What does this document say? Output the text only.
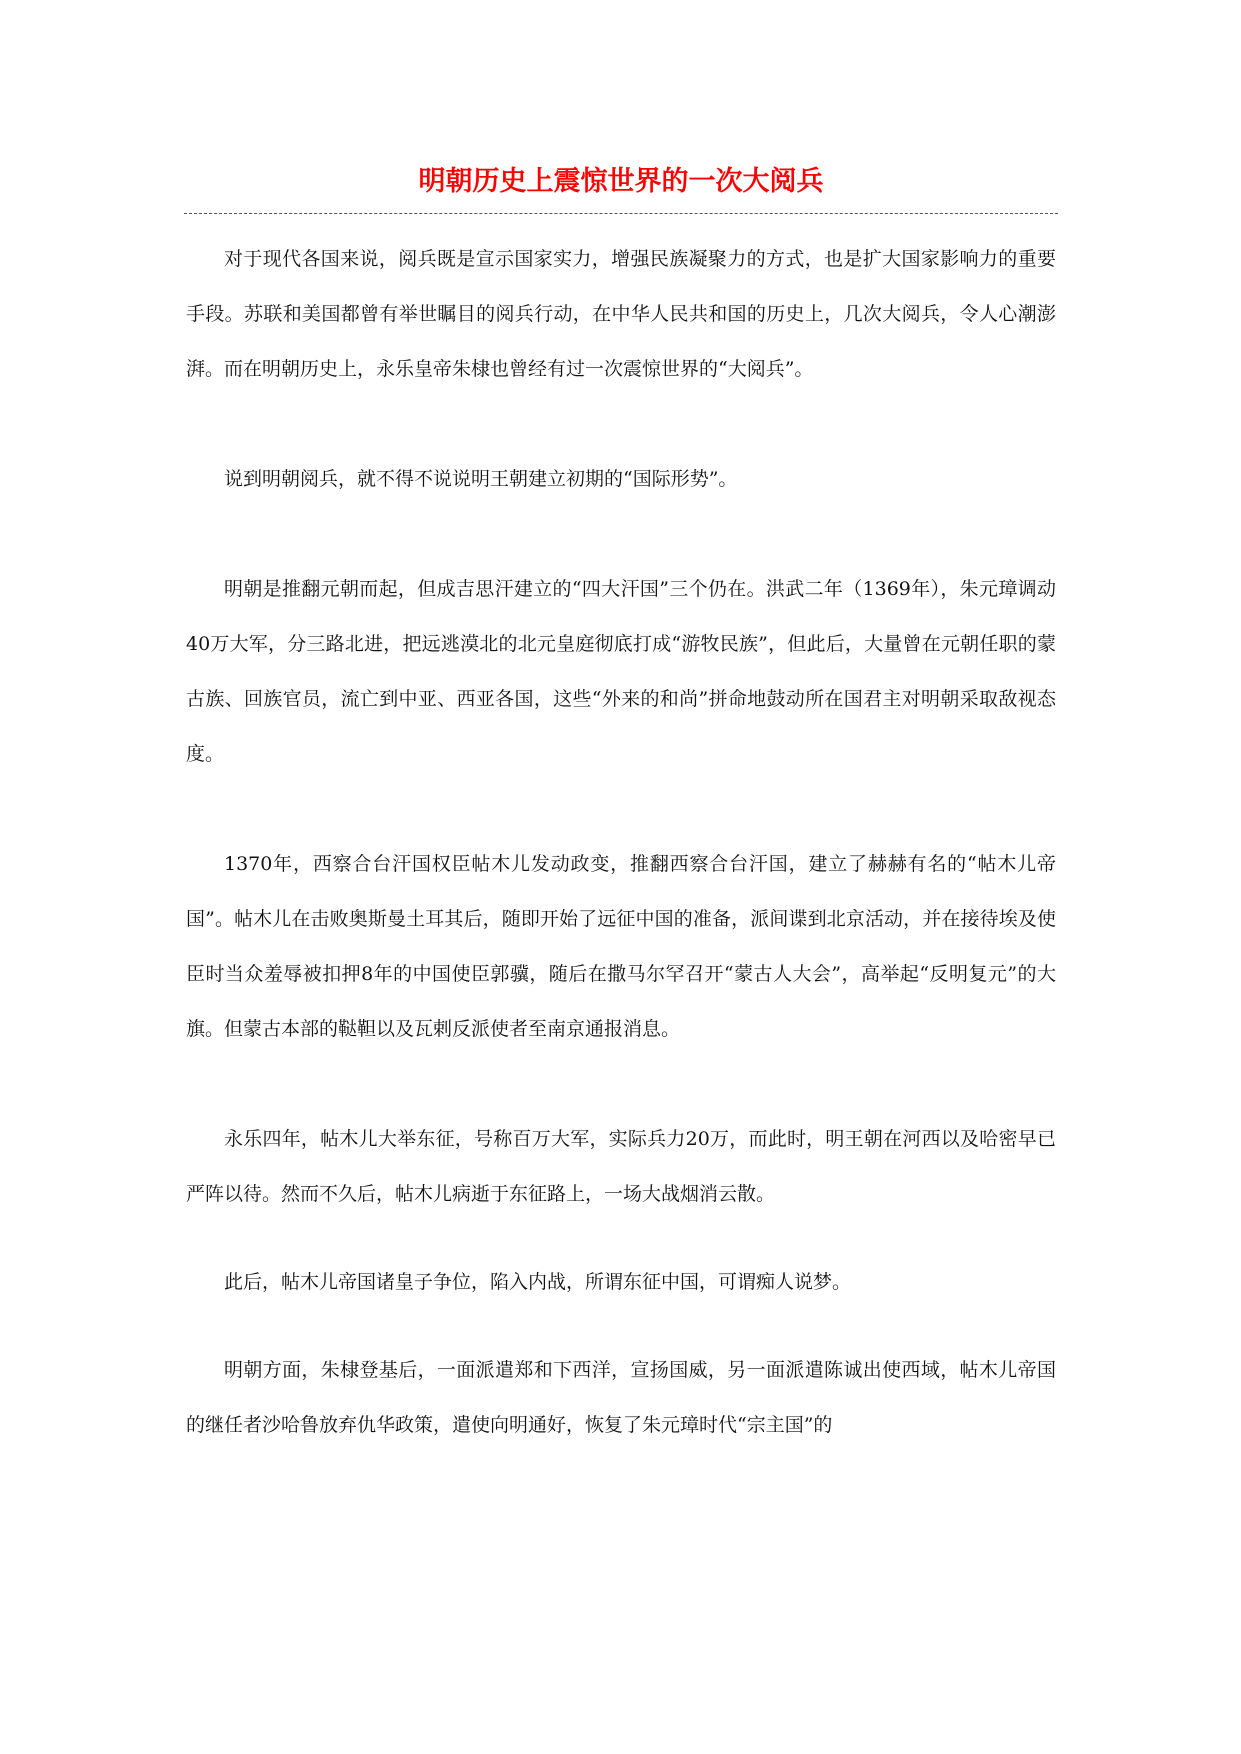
明朝历史上震惊世界的一次大阅兵

对于现代各国来说，阅兵既是宣示国家实力，增强民族凝聚力的方式，也是扩大国家影响力的重要手段。苏联和美国都曾有举世瞩目的阅兵行动，在中华人民共和国的历史上，几次大阅兵，令人心潮澎湃。而在明朝历史上，永乐皇帝朱棣也曾经有过一次震惊世界的“大阅兵”。

说到明朝阅兵，就不得不说说明王朝建立初期的“国际形势”。

明朝是推翻元朝而起，但成吉思汗建立的“四大汗国”三个仍在。洪武二年（1369年），朱元璋调动40万大军，分三路北进，把远逃漠北的北元皇庭彻底打成“游牧民族”，但此后，大量曾在元朝任职的蒙古族、回族官员，流亡到中亚、西亚各国，这些“外来的和尚”拼命地鼓动所在国君主对明朝采取敌视态度。

1370年，西察合台汗国权臣帖木儿发动政变，推翻西察合台汗国，建立了赫赫有名的“帖木儿帝国”。帖木儿在击败奥斯曼土耳其后，随即开始了远征中国的准备，派间谍到北京活动，并在接待埃及使臣时当众羞辱被扣押8年的中国使臣郭骥，随后在撒马尔罕召开“蒙古人大会”，高举起“反明复元”的大旗。但蒙古本部的鞑靼以及瓦剌反派使者至南京通报消息。

永乐四年，帖木儿大举东征，号称百万大军，实际兵力20万，而此时，明王朝在河西以及哈密早已严阵以待。然而不久后，帖木儿病逝于东征路上，一场大战烟消云散。

此后，帖木儿帝国诸皇子争位，陷入内战，所谓东征中国，可谓痴人说梦。

明朝方面，朱棣登基后，一面派遣郑和下西洋，宣扬国威，另一面派遣陈诚出使西域，帖木儿帝国的继任者沙哈鲁放弃仇华政策，遣使向明通好，恢复了朱元璋时代“宗主国”的
